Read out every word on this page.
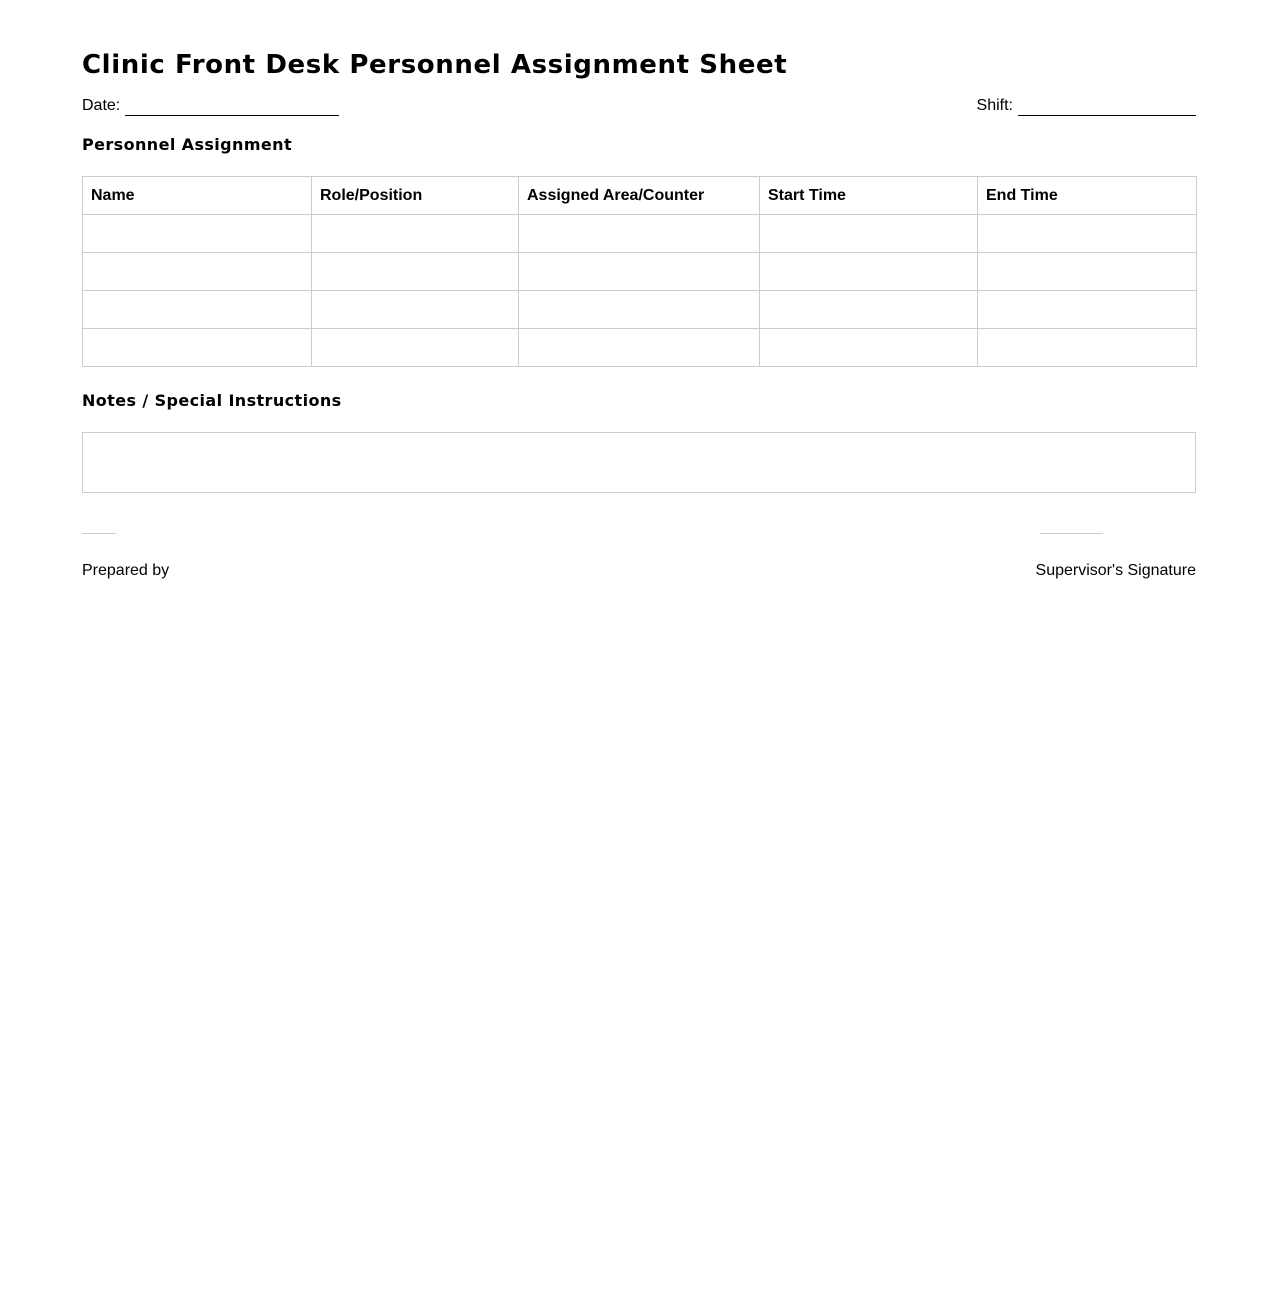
Clinic Front Desk Personnel Assignment Sheet
Date:	Shift:
Personnel Assignment
Name	Role/Position	Assigned Area/Counter	Start Time	End Time

Notes / Special Instructions
Prepared by	Supervisor's Signature
